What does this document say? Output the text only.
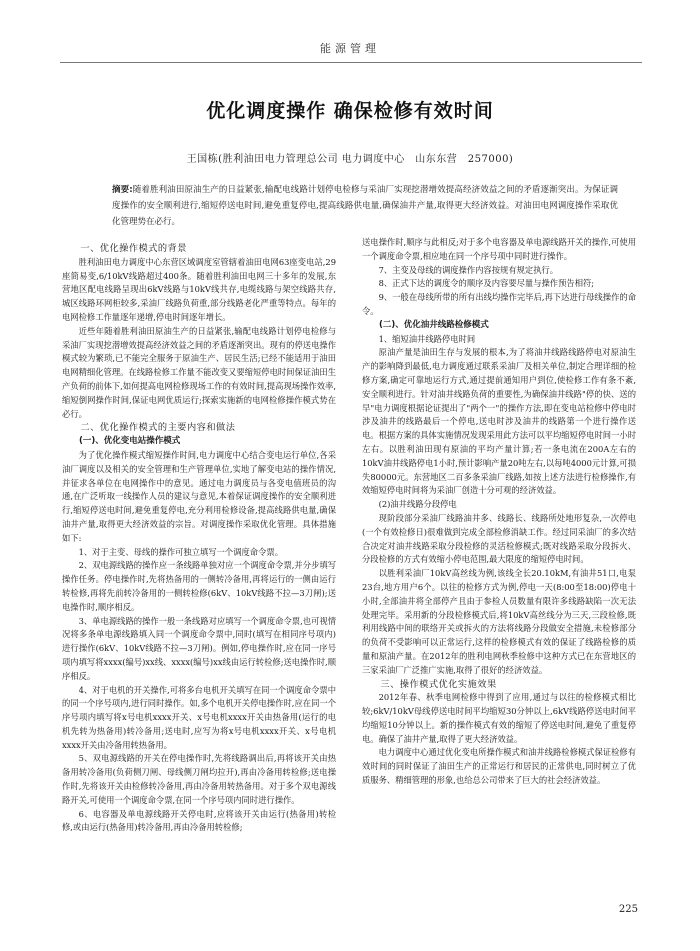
能源管理
优化调度操作 确保检修有效时间
王国栋(胜利油田电力管理总公司 电力调度中心　山东东营　257000)
摘要:随着胜利油田原油生产的日益紧张,输配电线路计划停电检修与采油厂实现挖潜增效提高经济效益之间的矛盾逐渐突出。为保证调度操作的安全顺利进行,缩短停送电时间,避免重复停电,提高线路供电量,确保油井产量,取得更大经济效益。对油田电网调度操作采取优化管理势在必行。

一、优化操作模式的背景

胜利油田电力调度中心东营区域调度室管辖着油田电网63座变电站,29座简易变,6/10kV线路超过400条。随着胜利油田电网三十多年的发展,东营地区配电线路呈现出6kV线路与10kV线共存,电缆线路与架空线路共存,城区线路环网柜较多,采油厂线路负荷重,部分线路老化严重等特点。每年的电网检修工作量逐年递增,停电时间逐年增长。

近些年随着胜利油田原油生产的日益紧张,输配电线路计划停电检修与采油厂实现挖潜增效提高经济效益之间的矛盾逐渐突出。现有的停送电操作模式较为繁琐,已不能完全服务于原油生产、居民生活;已经不能适用于油田电网精细化管理。在线路检修工作量不能改变又要缩短停电时间保证油田生产负荷的前体下,如何提高电网检修现场工作的有效时间,提高现场操作效率,缩短倒网操作时间,保证电网优质运行;探索实施新的电网检修操作模式势在必行。

二、优化操作模式的主要内容和做法

(一)、优化变电站操作模式

为了优化操作模式缩短操作时间,电力调度中心结合变电运行单位,各采油厂调度以及相关的安全管理和生产管理单位,实地了解变电站的操作情况,并征求各单位在电网操作中的意见。通过电力调度员与各变电值班员的沟通,在广泛听取一线操作人员的建议与意见,本着保证调度操作的安全顺利进行,缩短停送电时间,避免重复停电,充分利用检修设备,提高线路供电量,确保油井产量,取得更大经济效益的宗旨。对调度操作采取优化管理。具体措施如下:

1、对于主变、母线的操作可独立填写一个调度命令票。

2、双电源线路的操作应一条线路单独对应一个调度命令票,并分步填写操作任务。停电操作时,先将热备用的一侧转冷备用,再将运行的一侧由运行转检修,再将先前转冷备用的一侧转检修(6kV、10kV线路不拉—3刀闸);送电操作时,顺序相反。

3、单电源线路的操作一般一条线路对应填写一个调度命令票,也可视情况将多条单电源线路填入同一个调度命令票中,同时(填写在相同序号项内)进行操作(6kV、10kV线路不拉—3刀闸)。例如,停电操作时,应在同一序号项内填写将xxxx(编号)xx线、xxxx(编号)xx线由运行转检修;送电操作时,顺序相反。

4、对于电机的开关操作,可将多台电机开关填写在同一个调度命令票中的同一个序号项内,进行同时操作。如,多个电机开关停电操作时,应在同一个序号项内填写将x号电机xxxx开关、x号电机xxxx开关由热备用(运行的电机先转为热备用)转冷备用;送电时,应写为将x号电机xxxx开关、x号电机xxxx开关由冷备用转热备用。

5、双电源线路的开关在停电操作时,先将线路调出后,再将该开关由热备用转冷备用(负荷侧刀闸、母线侧刀闸均拉开),再由冷备用转检修;送电操作时,先将该开关由检修转冷备用,再由冷备用转热备用。对于多个双电源线路开关,可使用一个调度命令票,在同一个序号项内同时进行操作。

6、电容器及单电源线路开关停电时,应将该开关由运行(热备用)转检修,或由运行(热备用)转冷备用,再由冷备用转检修;

送电操作时,顺序与此相反;对于多个电容器及单电源线路开关的操作,可使用一个调度命令票,相应地在同一个序号项中同时进行操作。

7、主变及母线的调度操作内容按规有规定执行。

8、正式下达的调度令的顺序及内容要尽量与操作预告相符;

9、一般在母线所带的所有出线均操作完毕后,再下达进行母线操作的命令。

(二)、优化油井线路检修模式

1、缩短油井线路停电时间

原油产量是油田生存与发展的根本,为了将油井线路线路停电对原油生产的影响降到最低,电力调度通过联系采油厂及相关单位,制定合理详细的检修方案,确定可靠地运行方式,通过提前通知用户到位,使检修工作有条不紊,安全顺利进行。针对油井线路负荷的重要性,为确保油井线路"停的快、送的早"电力调度根据论证提出了"两个一"的操作方法,即在变电站检修中停电时涉及油井的线路最后一个停电,送电时涉及油井的线路第一个进行操作送电。根据方案的具体实施情况发现采用此方法可以平均缩短停电时间一小时左右。以胜利油田现有原油的平均产量计算;若一条电流在200A左右的10kV油井线路停电1小时,预计影响产量20吨左右,以每吨4000元计算,可损失80000元。东营地区二百多条采油厂线路,如按上述方法进行检修操作,有效缩短停电时间将为采油厂创造十分可观的经济效益。

(2)油井线路分段停电

现阶段部分采油厂线路油井多、线路长、线路所处地形复杂,一次停电(一个有效检修日)很难做到完成全部检修消缺工作。经过同采油厂的多次结合决定对油井线路采取分段检修的灵活检修模式;既对线路采取分段拆火、分段检修的方式有效缩小停电范围,最大限度的缩短停电时间。

以胜利采油厂10kV高丝线为例,该线全长20.10kM,有油井51口,电泵23台,地方用户6个。以往的检修方式为例,停电一天(8:00至18:00)停电十小时,全部油井将全部停产且由于参检人员数量有限许多线路缺陷一次无法处理完毕。采用新的分段检修模式后,将10kV高丝线分为三天,三段检修,既利用线路中间的联络开关或拆火的方法将线路分段做安全措施,未检修部分的负荷不受影响可以正常运行,这样的检修模式有效的保证了线路检修的质量和原油产量。在2012年的胜利电网秋季检修中这种方式已在东营地区的三家采油厂广泛推广实施,取得了很好的经济效益。

三、操作模式优化实施效果

2012年春、秋季电网检修中得到了应用,通过与以往的检修模式相比较;6kV/10kV母线停送电时间平均缩短30分钟以上,6kV线路停送电时间平均缩短10分钟以上。新的操作模式有效的缩短了停送电时间,避免了重复停电。确保了油井产量,取得了更大经济效益。

电力调度中心通过优化变电所操作模式和油井线路检修模式保证检修有效时间的同时保证了油田生产的正常运行和居民的正常供电,同时树立了优质服务、精细管理的形象,也给总公司带来了巨大的社会经济效益。

225
